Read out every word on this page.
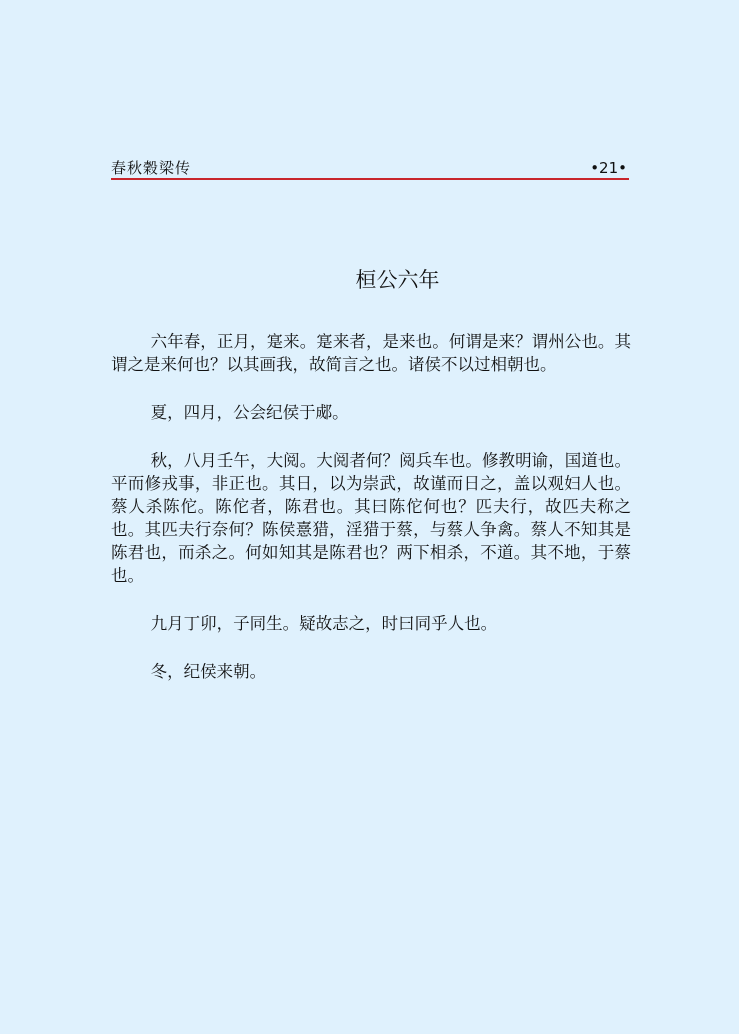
春秋穀梁传	•21•
桓公六年

六年春，正月，寔来。寔来者，是来也。何谓是来？谓州公也。其谓之是来何也？以其画我，故简言之也。诸侯不以过相朝也。

夏，四月，公会纪侯于郕。

秋，八月壬午，大阅。大阅者何？阅兵车也。修教明谕，国道也。平而修戎事，非正也。其日，以为崇武，故谨而日之，盖以观妇人也。蔡人杀陈佗。陈佗者，陈君也。其曰陈佗何也？匹夫行，故匹夫称之也。其匹夫行奈何？陈侯憙猎，淫猎于蔡，与蔡人争禽。蔡人不知其是陈君也，而杀之。何如知其是陈君也？两下相杀，不道。其不地，于蔡也。

九月丁卯，子同生。疑故志之，时曰同乎人也。

冬，纪侯来朝。
